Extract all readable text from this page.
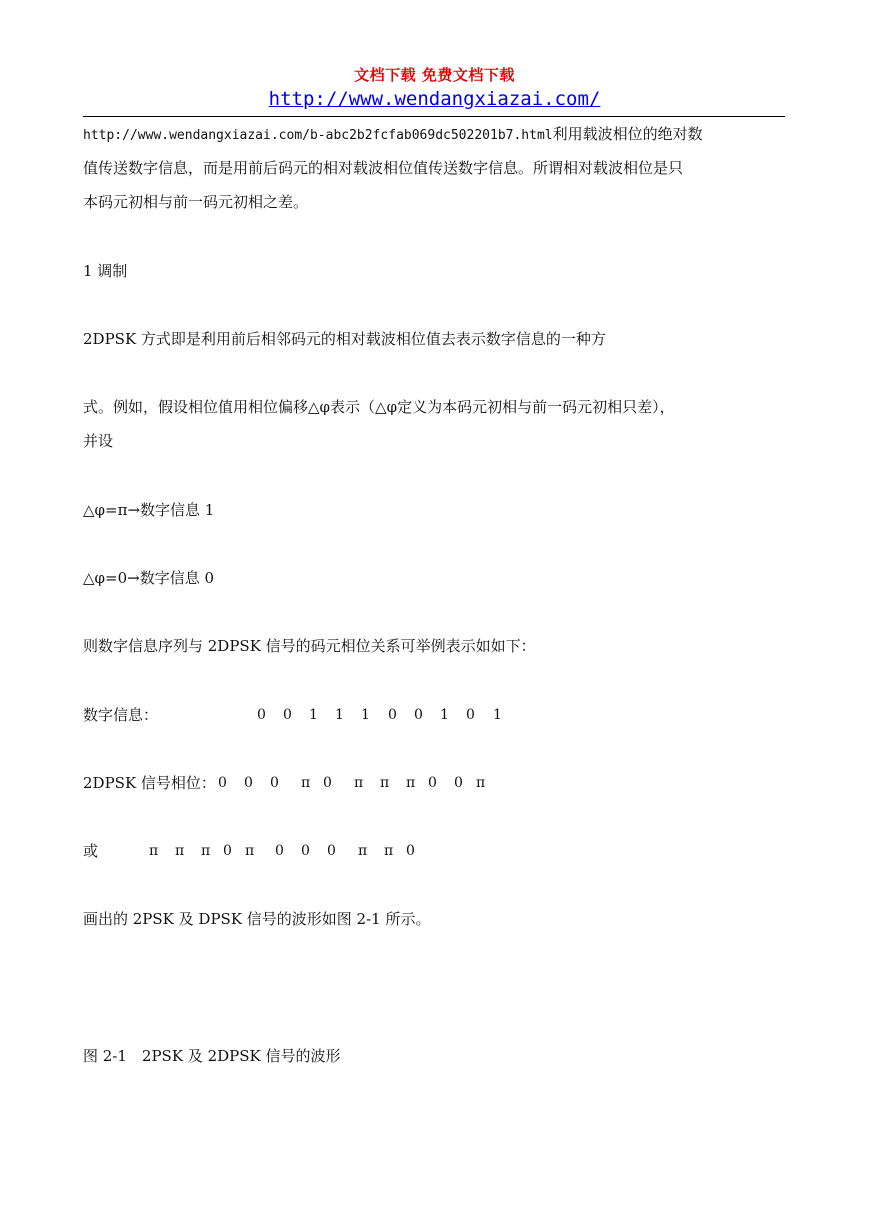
文档下载 免费文档下载
http://www.wendangxiazai.com/
http://www.wendangxiazai.com/b-abc2b2fcfab069dc502201b7.html利用载波相位的绝对数
值传送数字信息，而是用前后码元的相对载波相位值传送数字信息。所谓相对载波相位是只
本码元初相与前一码元初相之差。
1 调制
2DPSK 方式即是利用前后相邻码元的相对载波相位值去表示数字信息的一种方
式。例如，假设相位值用相位偏移△φ表示（△φ定义为本码元初相与前一码元初相只差），
并设
△φ=π→数字信息 1
△φ=0→数字信息 0
则数字信息序列与 2DPSK 信号的码元相位关系可举例表示如如下：
数字信息：	0 0 1 1 1 0 0 1 0 1
2DPSK 信号相位： 0 0 0 π 0 π π π 0 0 π
或	π π π 0 π 0 0 0 π π 0
画出的 2PSK 及 DPSK 信号的波形如图 2-1 所示。
图 2-1　2PSK 及 2DPSK 信号的波形
